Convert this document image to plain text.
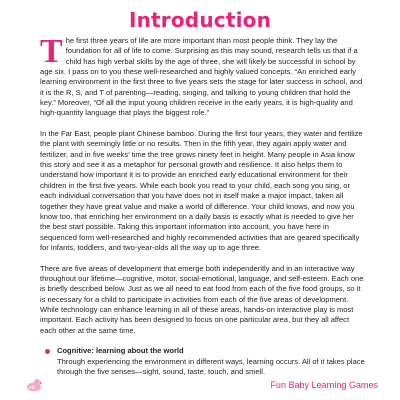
Introduction

The first three years of life are more important than most people think. They lay the foundation for all of life to come. Surprising as this may sound, research tells us that if a child has high verbal skills by the age of three, she will likely be successful in school by age six. I pass on to you these well-researched and highly valued concepts. “An enriched early learning environment in the first three to five years sets the stage for later success in school, and it is the R, S, and T of parenting—reading, singing, and talking to young children that hold the key.” Moreover, “Of all the input young children receive in the early years, it is high-quality and high-quantity language that plays the biggest role.”

In the Far East, people plant Chinese bamboo. During the first four years, they water and fertilize the plant with seemingly little or no results. Then in the fifth year, they again apply water and fertilizer, and in five weeks’ time the tree grows ninety feet in height. Many people in Asia know this story and see it as a metaphor for personal growth and resilience. It also helps them to understand how important it is to provide an enriched early educational environment for their children in the first five years. While each book you read to your child, each song you sing, or each individual conversation that you have does not in itself make a major impact, taken all together they have great value and make a world of difference. Your child knows, and now you know too, that enriching her environment on a daily basis is exactly what is needed to give her the best start possible. Taking this important information into account, you have here in sequenced form well-researched and highly recommended activities that are geared specifically for infants, toddlers, and two-year-olds all the way up to age three.

There are five areas of development that emerge both independently and in an interactive way throughout our lifetime—cognitive, motor, social-emotional, language, and self-esteem. Each one is briefly described below. Just as we all need to eat food from each of the five food groups, so it is necessary for a child to participate in activities from each of the five areas of development. While technology can enhance learning in all of these areas, hands-on interactive play is most important. Each activity has been designed to focus on one particular area, but they all affect each other at the same time.

Cognitive: learning about the world
Through experiencing the environment in different ways, learning occurs. All of it takes place through the five senses—sight, sound, taste, touch, and smell.
viii	Fun Baby Learning Games
